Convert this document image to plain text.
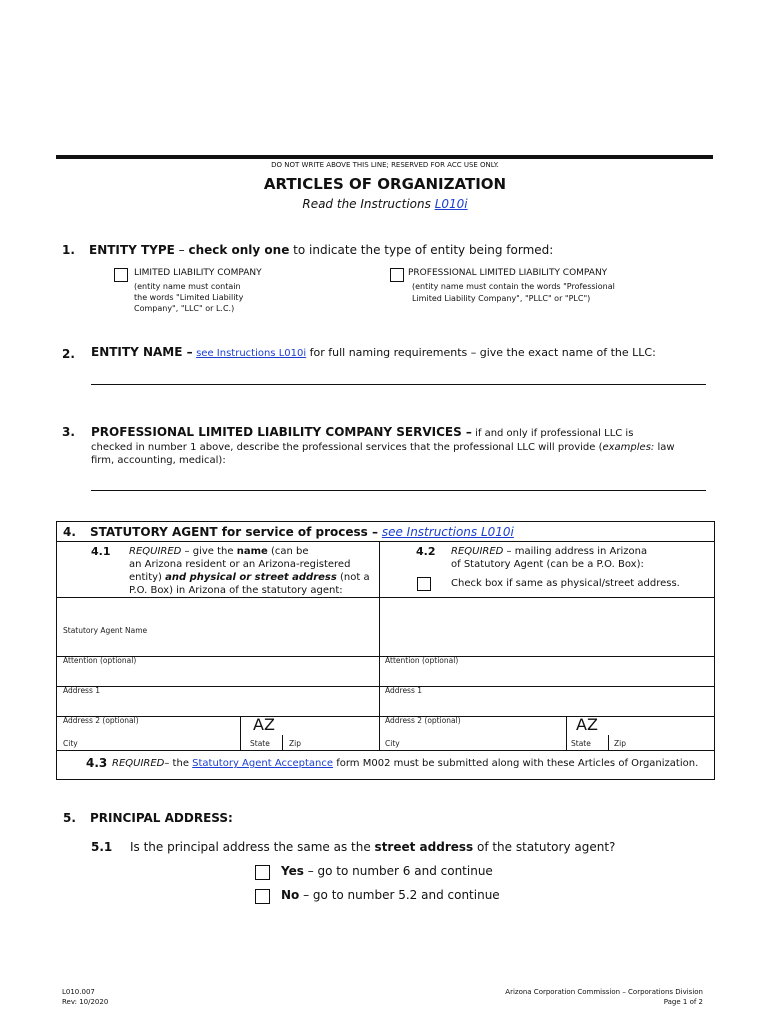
DO NOT WRITE ABOVE THIS LINE; RESERVED FOR ACC USE ONLY.
ARTICLES OF ORGANIZATION
Read the Instructions L010i
1. ENTITY TYPE – check only one to indicate the type of entity being formed:
LIMITED LIABILITY COMPANY
(entity name must contain
the words "Limited Liability
Company", "LLC" or L.C.)
PROFESSIONAL LIMITED LIABILITY COMPANY
(entity name must contain the words "Professional
Limited Liability Company", "PLLC" or "PLC")
2. ENTITY NAME – see Instructions L010i for full naming requirements – give the exact name of the LLC:
3. PROFESSIONAL LIMITED LIABILITY COMPANY SERVICES – if and only if professional LLC is
checked in number 1 above, describe the professional services that the professional LLC will provide (examples: law
firm, accounting, medical):
4. STATUTORY AGENT for service of process – see Instructions L010i
4.1 REQUIRED – give the name (can be
an Arizona resident or an Arizona-registered
entity) and physical or street address (not a
P.O. Box) in Arizona of the statutory agent:
4.2 REQUIRED – mailing address in Arizona
of Statutory Agent (can be a P.O. Box):
Check box if same as physical/street address.
Statutory Agent Name
Attention (optional)
Address 1
Address 2 (optional)
City
AZ
State	Zip
Attention (optional)
Address 1
Address 2 (optional)
City
AZ
State	Zip
4.3 REQUIRED– the Statutory Agent Acceptance form M002 must be submitted along with these Articles of Organization.
5. PRINCIPAL ADDRESS:
5.1 Is the principal address the same as the street address of the statutory agent?
Yes – go to number 6 and continue
No – go to number 5.2 and continue
L010.007
Rev: 10/2020
Arizona Corporation Commission – Corporations Division
Page 1 of 2
